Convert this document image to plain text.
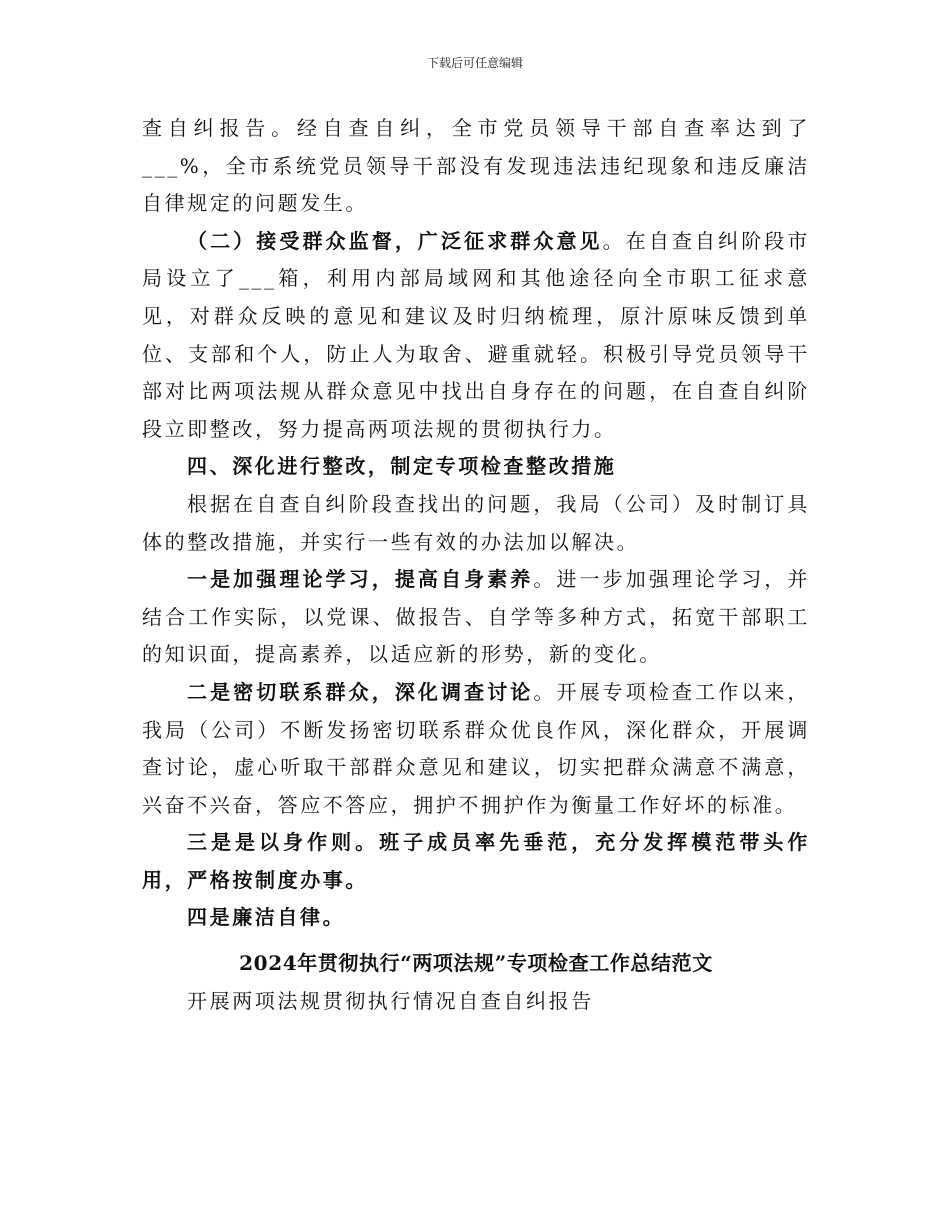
下载后可任意编辑

查自纠报告。经自查自纠，全市党员领导干部自查率达到了___%，全市系统党员领导干部没有发现违法违纪现象和违反廉洁自律规定的问题发生。

（二）接受群众监督，广泛征求群众意见。在自查自纠阶段市局设立了___箱，利用内部局域网和其他途径向全市职工征求意见，对群众反映的意见和建议及时归纳梳理，原汁原味反馈到单位、支部和个人，防止人为取舍、避重就轻。积极引导党员领导干部对比两项法规从群众意见中找出自身存在的问题，在自查自纠阶段立即整改，努力提高两项法规的贯彻执行力。

四、深化进行整改，制定专项检查整改措施

根据在自查自纠阶段查找出的问题，我局（公司）及时制订具体的整改措施，并实行一些有效的办法加以解决。

一是加强理论学习，提高自身素养。进一步加强理论学习，并结合工作实际，以党课、做报告、自学等多种方式，拓宽干部职工的知识面，提高素养，以适应新的形势，新的变化。

二是密切联系群众，深化调查讨论。开展专项检查工作以来，我局（公司）不断发扬密切联系群众优良作风，深化群众，开展调查讨论，虚心听取干部群众意见和建议，切实把群众满意不满意，兴奋不兴奋，答应不答应，拥护不拥护作为衡量工作好坏的标准。

三是是以身作则。班子成员率先垂范，充分发挥模范带头作用，严格按制度办事。

四是廉洁自律。

2024年贯彻执行“两项法规”专项检查工作总结范文

开展两项法规贯彻执行情况自查自纠报告
